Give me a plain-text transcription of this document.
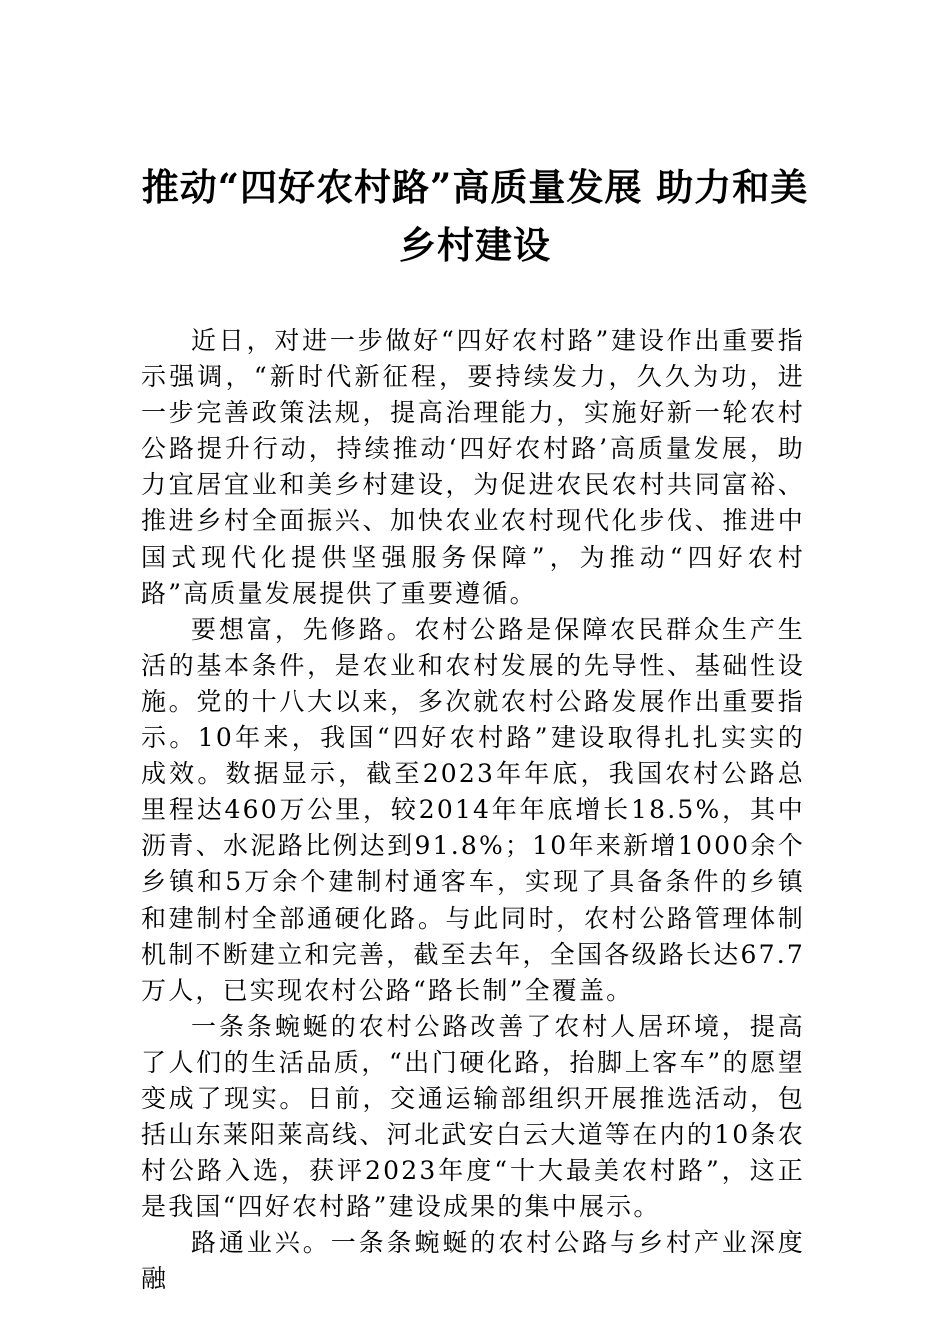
推动“四好农村路”高质量发展 助力和美
乡村建设

近日，对进一步做好“四好农村路”建设作出重要指示强调，“新时代新征程，要持续发力，久久为功，进一步完善政策法规，提高治理能力，实施好新一轮农村公路提升行动，持续推动‘四好农村路’高质量发展，助力宜居宜业和美乡村建设，为促进农民农村共同富裕、推进乡村全面振兴、加快农业农村现代化步伐、推进中国式现代化提供坚强服务保障”，为推动“四好农村路”高质量发展提供了重要遵循。

要想富，先修路。农村公路是保障农民群众生产生活的基本条件，是农业和农村发展的先导性、基础性设施。党的十八大以来，多次就农村公路发展作出重要指示。10年来，我国“四好农村路”建设取得扎扎实实的成效。数据显示，截至2023年年底，我国农村公路总里程达460万公里，较2014年年底增长18.5%，其中沥青、水泥路比例达到91.8%；10年来新增1000余个乡镇和5万余个建制村通客车，实现了具备条件的乡镇和建制村全部通硬化路。与此同时，农村公路管理体制机制不断建立和完善，截至去年，全国各级路长达67.7万人，已实现农村公路“路长制”全覆盖。

一条条蜿蜒的农村公路改善了农村人居环境，提高了人们的生活品质，“出门硬化路，抬脚上客车”的愿望变成了现实。日前，交通运输部组织开展推选活动，包括山东莱阳莱高线、河北武安白云大道等在内的10条农村公路入选，获评2023年度“十大最美农村路”，这正是我国“四好农村路”建设成果的集中展示。

路通业兴。一条条蜿蜒的农村公路与乡村产业深度融
